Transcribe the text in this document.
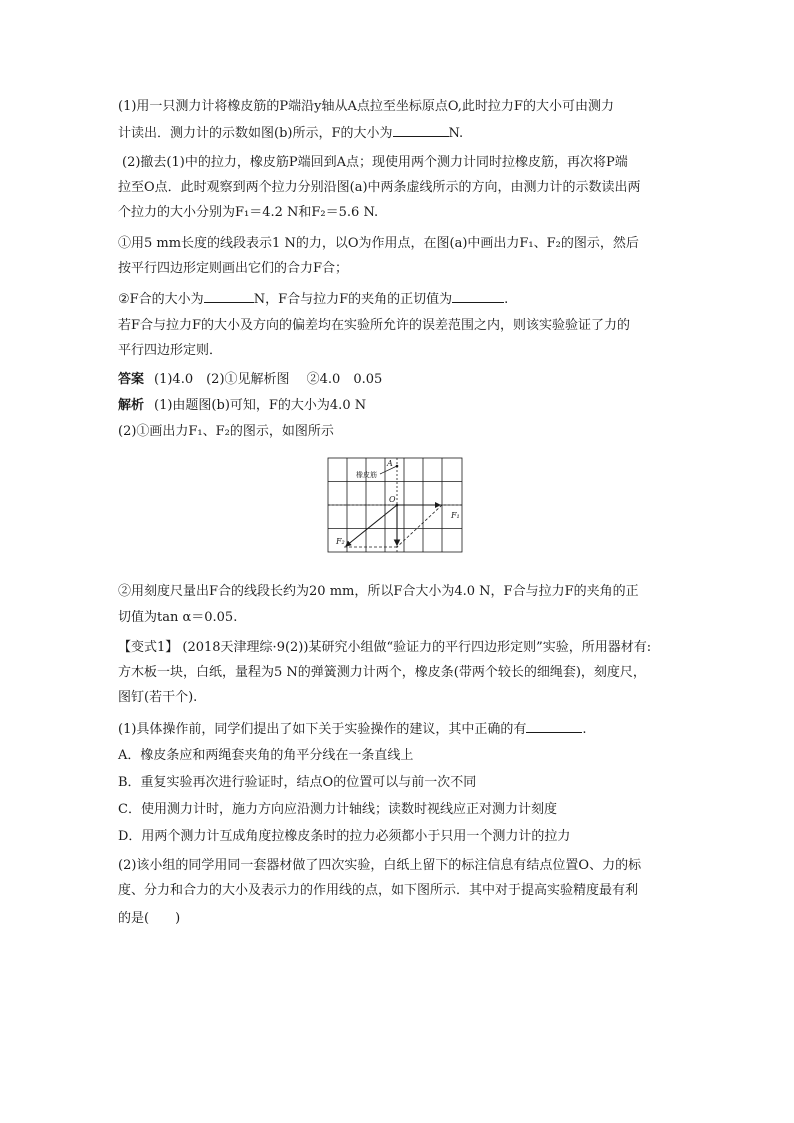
(1)用一只测力计将橡皮筋的P端沿y轴从A点拉至坐标原点O,此时拉力F的大小可由测力
计读出．测力计的示数如图(b)所示，F的大小为	N.
(2)撤去(1)中的拉力，橡皮筋P端回到A点；现使用两个测力计同时拉橡皮筋，再次将P端
拉至O点．此时观察到两个拉力分别沿图(a)中两条虚线所示的方向，由测力计的示数读出两
个拉力的大小分别为F₁＝4.2 N和F₂＝5.6 N.
①用5 mm长度的线段表示1 N的力，以O为作用点，在图(a)中画出力F₁、F₂的图示，然后
按平行四边形定则画出它们的合力F合；
②F合的大小为	N，F合与拉力F的夹角的正切值为	.
若F合与拉力F的大小及方向的偏差均在实验所允许的误差范围之内，则该实验验证了力的
平行四边形定则．
答案 (1)4.0　(2)①见解析图　 ②4.0　0.05
解析 (1)由题图(b)可知，F的大小为4.0 N
(2)①画出力F₁、F₂的图示，如图所示
A
橡皮筋
O
F₁
F₂
②用刻度尺量出F合的线段长约为20 mm，所以F合大小为4.0 N，F合与拉力F的夹角的正
切值为tan α＝0.05.
【变式1】 (2018天津理综·9(2))某研究小组做“验证力的平行四边形定则”实验，所用器材有:
方木板一块，白纸，量程为5 N的弹簧测力计两个，橡皮条(带两个较长的细绳套)，刻度尺，
图钉(若干个).
(1)具体操作前，同学们提出了如下关于实验操作的建议，其中正确的有	.
A．橡皮条应和两绳套夹角的角平分线在一条直线上
B．重复实验再次进行验证时，结点O的位置可以与前一次不同
C．使用测力计时，施力方向应沿测力计轴线；读数时视线应正对测力计刻度
D．用两个测力计互成角度拉橡皮条时的拉力必须都小于只用一个测力计的拉力
(2)该小组的同学用同一套器材做了四次实验，白纸上留下的标注信息有结点位置O、力的标
度、分力和合力的大小及表示力的作用线的点，如下图所示．其中对于提高实验精度最有利
的是(　　)
